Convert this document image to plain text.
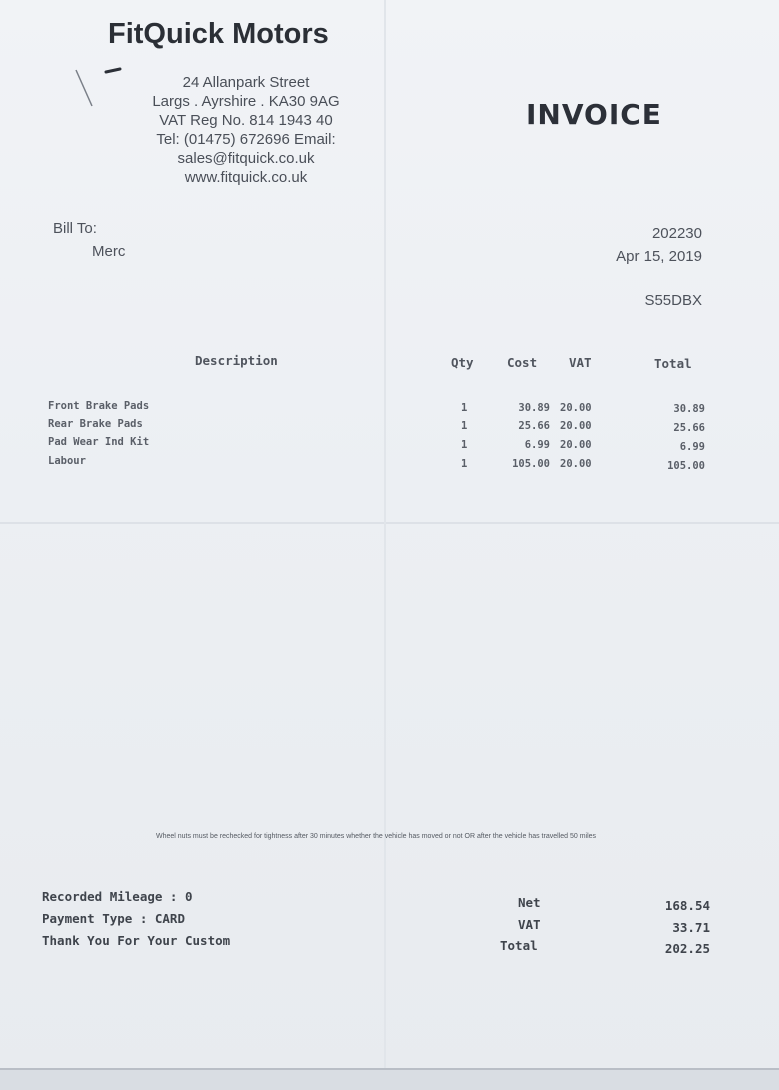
FitQuick Motors
24 Allanpark Street
Largs . Ayrshire . KA30 9AG
VAT Reg No. 814 1943 40
Tel: (01475) 672696 Email:
sales@fitquick.co.uk
www.fitquick.co.uk
INVOICE
Bill To:
Merc
202230
Apr 15, 2019
S55DBX
Description	Qty	Cost	VAT	Total
Front Brake Pads	1	30.89 20.00	30.89
Rear Brake Pads	1	25.66 20.00	25.66
Pad Wear Ind Kit	1	6.99 20.00	6.99
Labour	1	105.00 20.00	105.00
Wheel nuts must be rechecked for tightness after 30 minutes whether the vehicle has moved or not OR after the vehicle has travelled 50 miles
Recorded Mileage : 0
Payment Type : CARD
Thank You For Your Custom
Net	168.54
VAT	33.71
Total	202.25
